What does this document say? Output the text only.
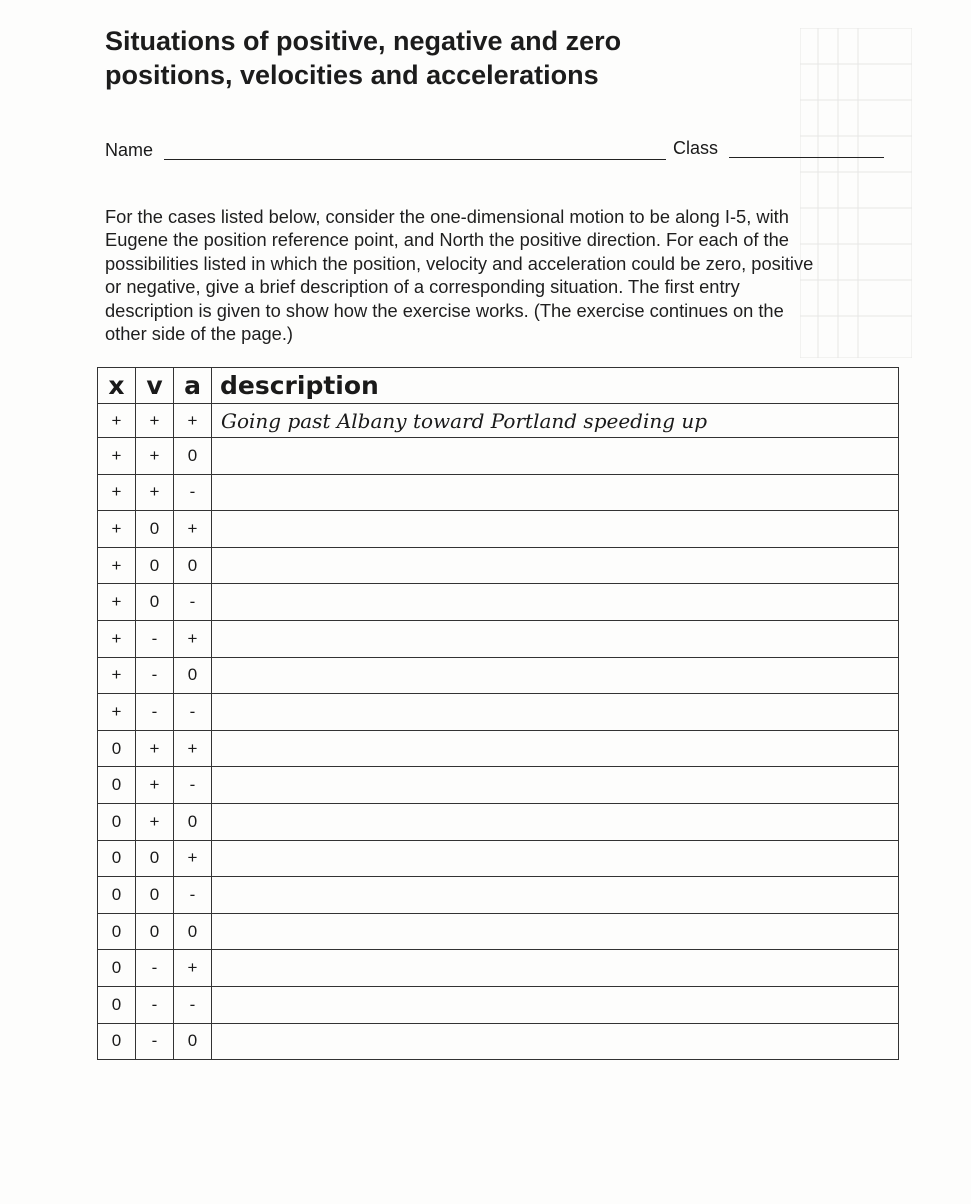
Situations of positive, negative and zero
positions, velocities and accelerations
Name	Class

For the cases listed below, consider the one-dimensional motion to be along I-5, with
Eugene the position reference point, and North the positive direction. For each of the
possibilities listed in which the position, velocity and acceleration could be zero, positive
or negative, give a brief description of a corresponding situation. The first entry
description is given to show how the exercise works. (The exercise continues on the
other side of the page.)

x	v	a	description
+	+	+	Going past Albany toward Portland speeding up
+	+	0	
+	+	-	
+	0	+	
+	0	0	
+	0	-	
+	-	+	
+	-	0	
+	-	-	
0	+	+	
0	+	-	
0	+	0	
0	0	+	
0	0	-	
0	0	0	
0	-	+	
0	-	-	
0	-	0	
